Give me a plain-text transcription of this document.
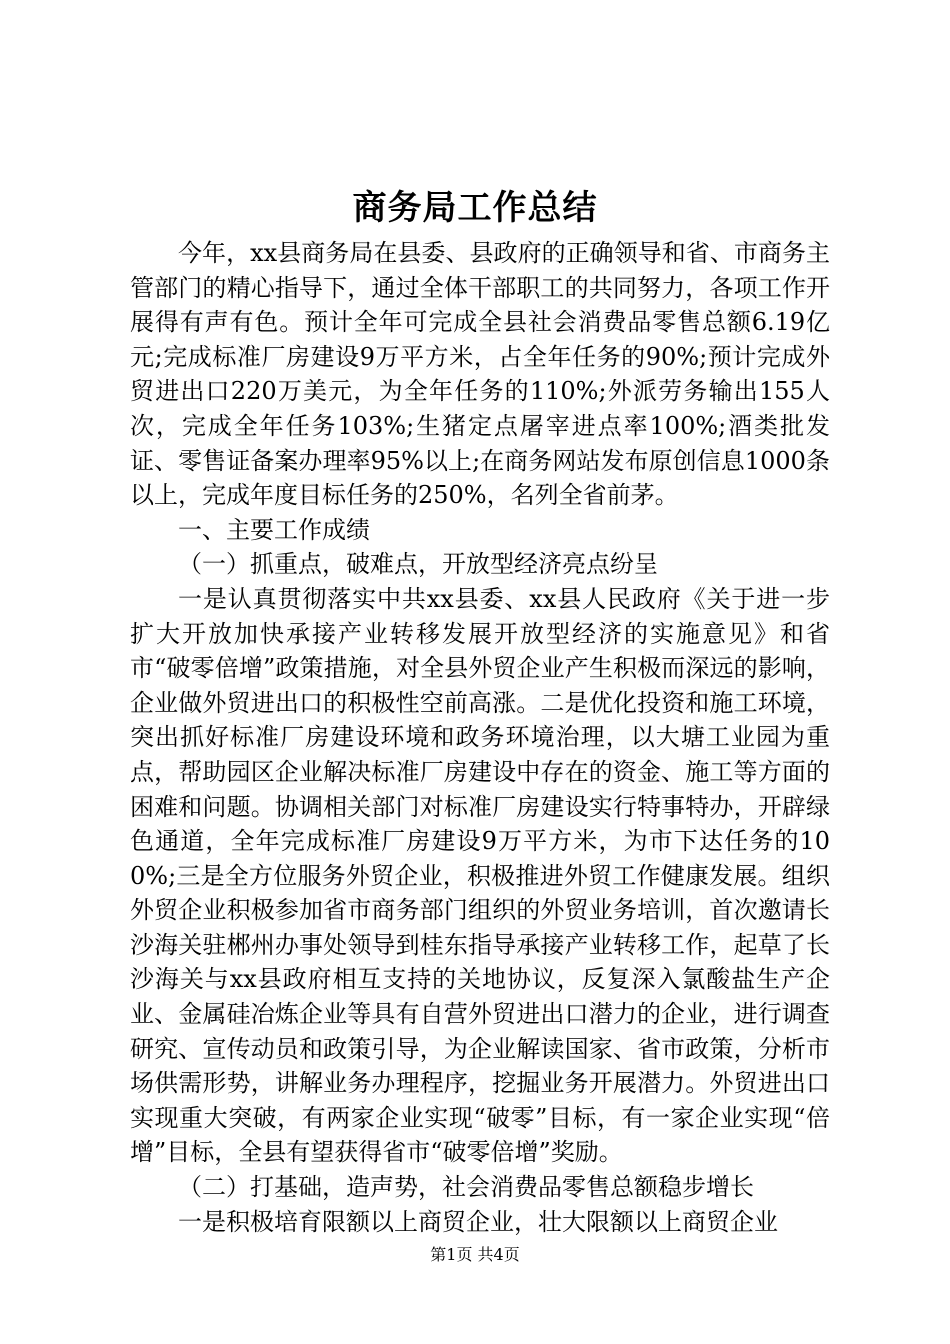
商务局工作总结

今年，xx县商务局在县委、县政府的正确领导和省、市商务主管部门的精心指导下，通过全体干部职工的共同努力，各项工作开展得有声有色。预计全年可完成全县社会消费品零售总额6.19亿元;完成标准厂房建设9万平方米，占全年任务的90%;预计完成外贸进出口220万美元，为全年任务的110%;外派劳务输出155人次，完成全年任务103%;生猪定点屠宰进点率100%;酒类批发证、零售证备案办理率95%以上;在商务网站发布原创信息1000条以上，完成年度目标任务的250%，名列全省前茅。

一、主要工作成绩

（一）抓重点，破难点，开放型经济亮点纷呈

一是认真贯彻落实中共xx县委、xx县人民政府《关于进一步扩大开放加快承接产业转移发展开放型经济的实施意见》和省市“破零倍增”政策措施，对全县外贸企业产生积极而深远的影响，企业做外贸进出口的积极性空前高涨。二是优化投资和施工环境，突出抓好标准厂房建设环境和政务环境治理，以大塘工业园为重点，帮助园区企业解决标准厂房建设中存在的资金、施工等方面的困难和问题。协调相关部门对标准厂房建设实行特事特办，开辟绿色通道，全年完成标准厂房建设9万平方米，为市下达任务的100%;三是全方位服务外贸企业，积极推进外贸工作健康发展。组织外贸企业积极参加省市商务部门组织的外贸业务培训，首次邀请长沙海关驻郴州办事处领导到桂东指导承接产业转移工作，起草了长沙海关与xx县政府相互支持的关地协议，反复深入氯酸盐生产企业、金属硅冶炼企业等具有自营外贸进出口潜力的企业，进行调查研究、宣传动员和政策引导，为企业解读国家、省市政策，分析市场供需形势，讲解业务办理程序，挖掘业务开展潜力。外贸进出口实现重大突破，有两家企业实现“破零”目标，有一家企业实现“倍增”目标，全县有望获得省市“破零倍增”奖励。

（二）打基础，造声势，社会消费品零售总额稳步增长

一是积极培育限额以上商贸企业，壮大限额以上商贸企业

第1页 共4页
